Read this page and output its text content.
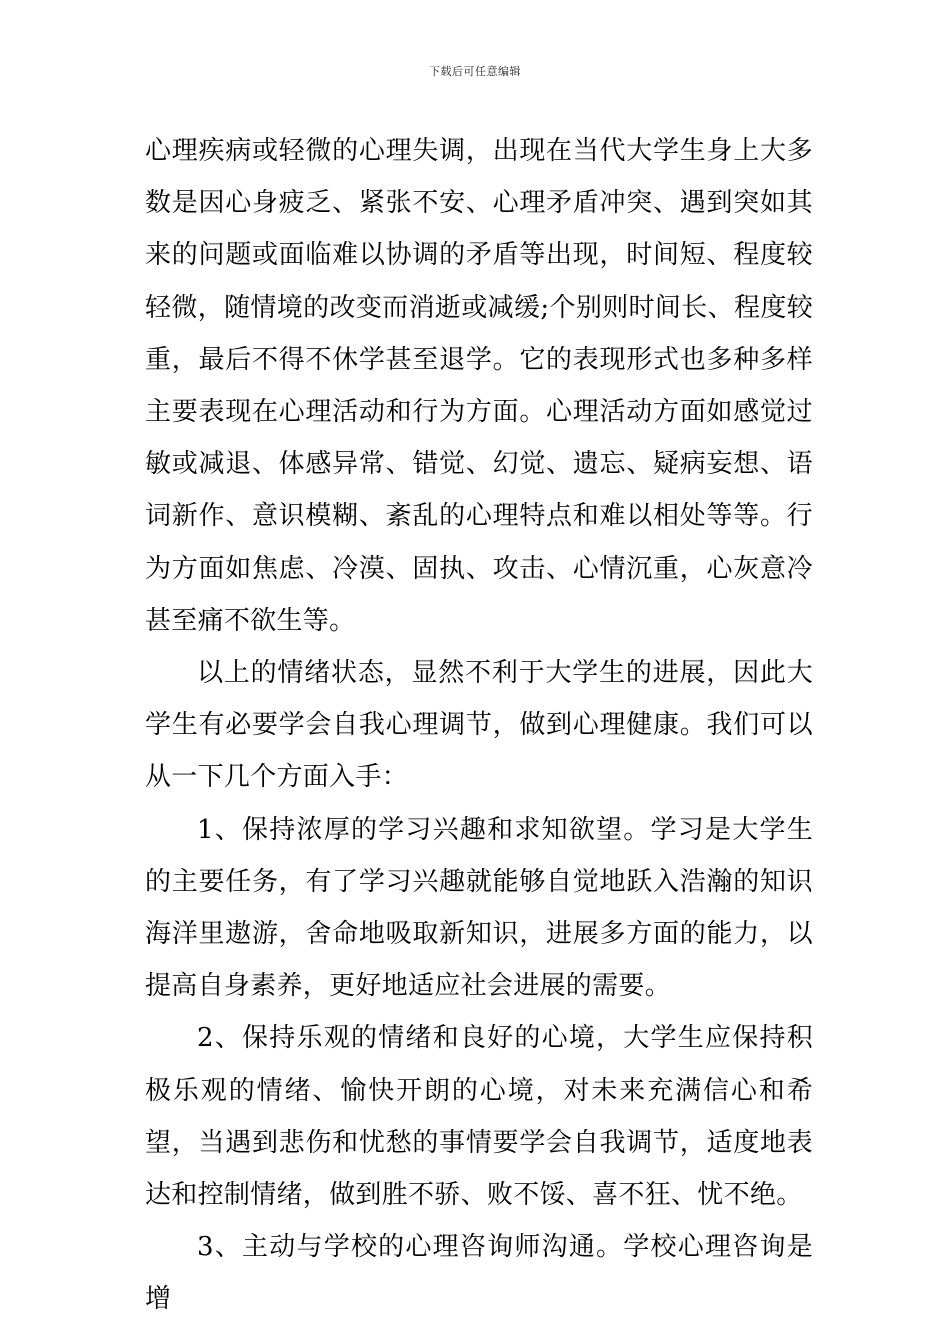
下载后可任意编辑

心理疾病或轻微的心理失调，出现在当代大学生身上大多数是因心身疲乏、紧张不安、心理矛盾冲突、遇到突如其来的问题或面临难以协调的矛盾等出现，时间短、程度较轻微，随情境的改变而消逝或减缓;个别则时间长、程度较重，最后不得不休学甚至退学。它的表现形式也多种多样主要表现在心理活动和行为方面。心理活动方面如感觉过敏或减退、体感异常、错觉、幻觉、遗忘、疑病妄想、语词新作、意识模糊、紊乱的心理特点和难以相处等等。行为方面如焦虑、冷漠、固执、攻击、心情沉重，心灰意冷甚至痛不欲生等。

以上的情绪状态，显然不利于大学生的进展，因此大学生有必要学会自我心理调节，做到心理健康。我们可以从一下几个方面入手：

1、保持浓厚的学习兴趣和求知欲望。学习是大学生的主要任务，有了学习兴趣就能够自觉地跃入浩瀚的知识海洋里遨游，舍命地吸取新知识，进展多方面的能力，以提高自身素养，更好地适应社会进展的需要。

2、保持乐观的情绪和良好的心境，大学生应保持积极乐观的情绪、愉快开朗的心境，对未来充满信心和希望，当遇到悲伤和忧愁的事情要学会自我调节，适度地表达和控制情绪，做到胜不骄、败不馁、喜不狂、忧不绝。

3、主动与学校的心理咨询师沟通。学校心理咨询是增
